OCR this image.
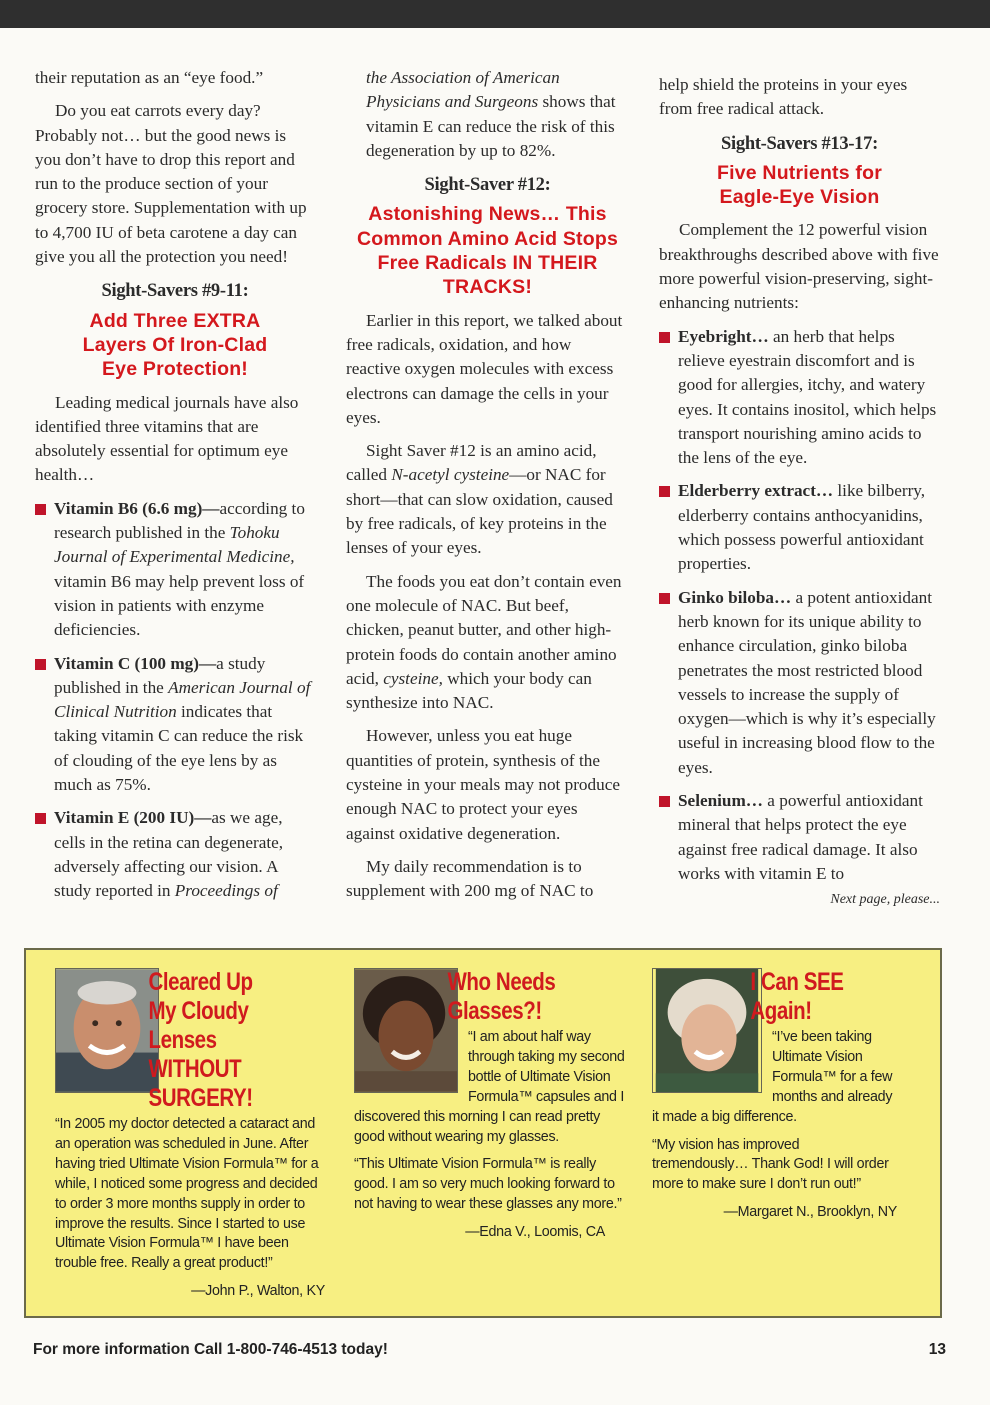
their reputation as an “eye food.”

Do you eat carrots every day? Probably not… but the good news is you don’t have to drop this report and run to the produce section of your grocery store. Supplementation with up to 4,700 IU of beta carotene a day can give you all the protection you need!

Sight-Savers #9-11:
Add Three EXTRA Layers Of Iron-Clad Eye Protection!

Leading medical journals have also identified three vitamins that are absolutely essential for optimum eye health…

Vitamin B6 (6.6 mg)—according to research published in the Tohoku Journal of Experimental Medicine, vitamin B6 may help prevent loss of vision in patients with enzyme deficiencies.
Vitamin C (100 mg)—a study published in the American Journal of Clinical Nutrition indicates that taking vitamin C can reduce the risk of clouding of the eye lens by as much as 75%.
Vitamin E (200 IU)—as we age, cells in the retina can degenerate, adversely affecting our vision. A study reported in Proceedings of

the Association of American Physicians and Surgeons shows that vitamin E can reduce the risk of this degeneration by up to 82%.

Sight-Saver #12:
Astonishing News… This Common Amino Acid Stops Free Radicals IN THEIR TRACKS!

Earlier in this report, we talked about free radicals, oxidation, and how reactive oxygen molecules with excess electrons can damage the cells in your eyes.

Sight Saver #12 is an amino acid, called N-acetyl cysteine—or NAC for short—that can slow oxidation, caused by free radicals, of key proteins in the lenses of your eyes.

The foods you eat don’t contain even one molecule of NAC. But beef, chicken, peanut butter, and other high-protein foods do contain another amino acid, cysteine, which your body can synthesize into NAC.

However, unless you eat huge quantities of protein, synthesis of the cysteine in your meals may not produce enough NAC to protect your eyes against oxidative degeneration.

My daily recommendation is to supplement with 200 mg of NAC to

help shield the proteins in your eyes from free radical attack.

Sight-Savers #13-17:
Five Nutrients for Eagle-Eye Vision

Complement the 12 powerful vision breakthroughs described above with five more powerful vision-preserving, sight-enhancing nutrients:

Eyebright… an herb that helps relieve eyestrain discomfort and is good for allergies, itchy, and watery eyes. It contains inositol, which helps transport nourishing amino acids to the lens of the eye.
Elderberry extract… like bilberry, elderberry contains anthocyanidins, which possess powerful antioxidant properties.
Ginko biloba… a potent antioxidant herb known for its unique ability to enhance circulation, ginko biloba penetrates the most restricted blood vessels to increase the supply of oxygen—which is why it’s especially useful in increasing blood flow to the eyes.
Selenium… a powerful antioxidant mineral that helps protect the eye against free radical damage. It also works with vitamin E to
Next page, please...
Cleared Up My Cloudy Lenses WITHOUT SURGERY!

“In 2005 my doctor detected a cataract and an operation was scheduled in June. After having tried Ultimate Vision Formula™ for a while, I noticed some progress and decided to order 3 more months supply in order to improve the results. Since I started to use Ultimate Vision Formula™ I have been trouble free. Really a great product!”

—John P., Walton, KY
Who Needs Glasses?!

“I am about half way through taking my second bottle of Ultimate Vision Formula™ capsules and I discovered this morning I can read pretty good without wearing my glasses.

“This Ultimate Vision Formula™ is really good. I am so very much looking forward to not having to wear these glasses any more.”

—Edna V., Loomis, CA
I Can SEE Again!

“I’ve been taking Ultimate Vision Formula™ for a few months and already it made a big difference.

“My vision has improved tremendously… Thank God! I will order more to make sure I don’t run out!”

—Margaret N., Brooklyn, NY
For more information Call 1-800-746-4513 today!	13
